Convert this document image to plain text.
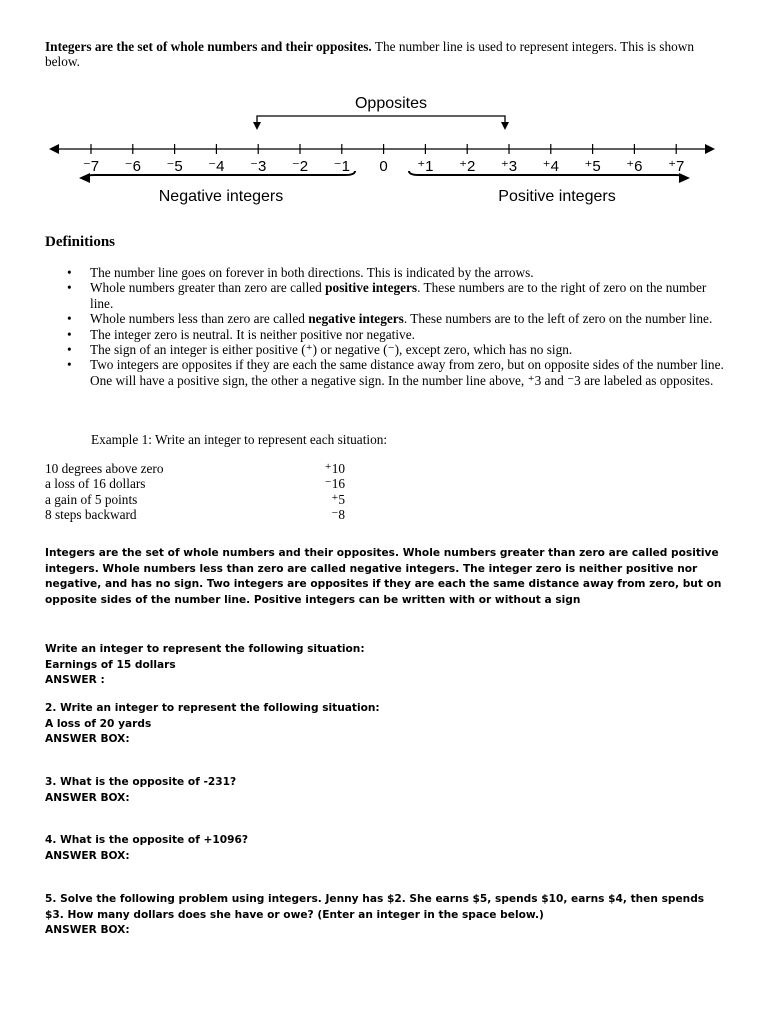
Integers are the set of whole numbers and their opposites. The number line is used to represent integers. This is shown below.
Opposites
⁻7 ⁻6 ⁻5 ⁻4 ⁻3 ⁻2 ⁻1 0 ⁺1 ⁺2 ⁺3 ⁺4 ⁺5 ⁺6 ⁺7
Negative integers	Positive integers
Definitions
• The number line goes on forever in both directions. This is indicated by the arrows.
• Whole numbers greater than zero are called positive integers. These numbers are to the right of zero on the number line.
• Whole numbers less than zero are called negative integers. These numbers are to the left of zero on the number line.
• The integer zero is neutral. It is neither positive nor negative.
• The sign of an integer is either positive (⁺) or negative (⁻), except zero, which has no sign.
• Two integers are opposites if they are each the same distance away from zero, but on opposite sides of the number line. One will have a positive sign, the other a negative sign. In the number line above, ⁺3 and ⁻3 are labeled as opposites.
Example 1: Write an integer to represent each situation:
10 degrees above zero	⁺10
a loss of 16 dollars	⁻16
a gain of 5 points	⁺5
8 steps backward	⁻8
Integers are the set of whole numbers and their opposites. Whole numbers greater than zero are called positive integers. Whole numbers less than zero are called negative integers. The integer zero is neither positive nor negative, and has no sign. Two integers are opposites if they are each the same distance away from zero, but on opposite sides of the number line. Positive integers can be written with or without a sign
Write an integer to represent the following situation:
Earnings of 15 dollars
ANSWER :
2. Write an integer to represent the following situation:
A loss of 20 yards
ANSWER BOX:
3. What is the opposite of -231?
ANSWER BOX:
4. What is the opposite of +1096?
ANSWER BOX:
5. Solve the following problem using integers. Jenny has $2. She earns $5, spends $10, earns $4, then spends $3. How many dollars does she have or owe? (Enter an integer in the space below.)
ANSWER BOX:
